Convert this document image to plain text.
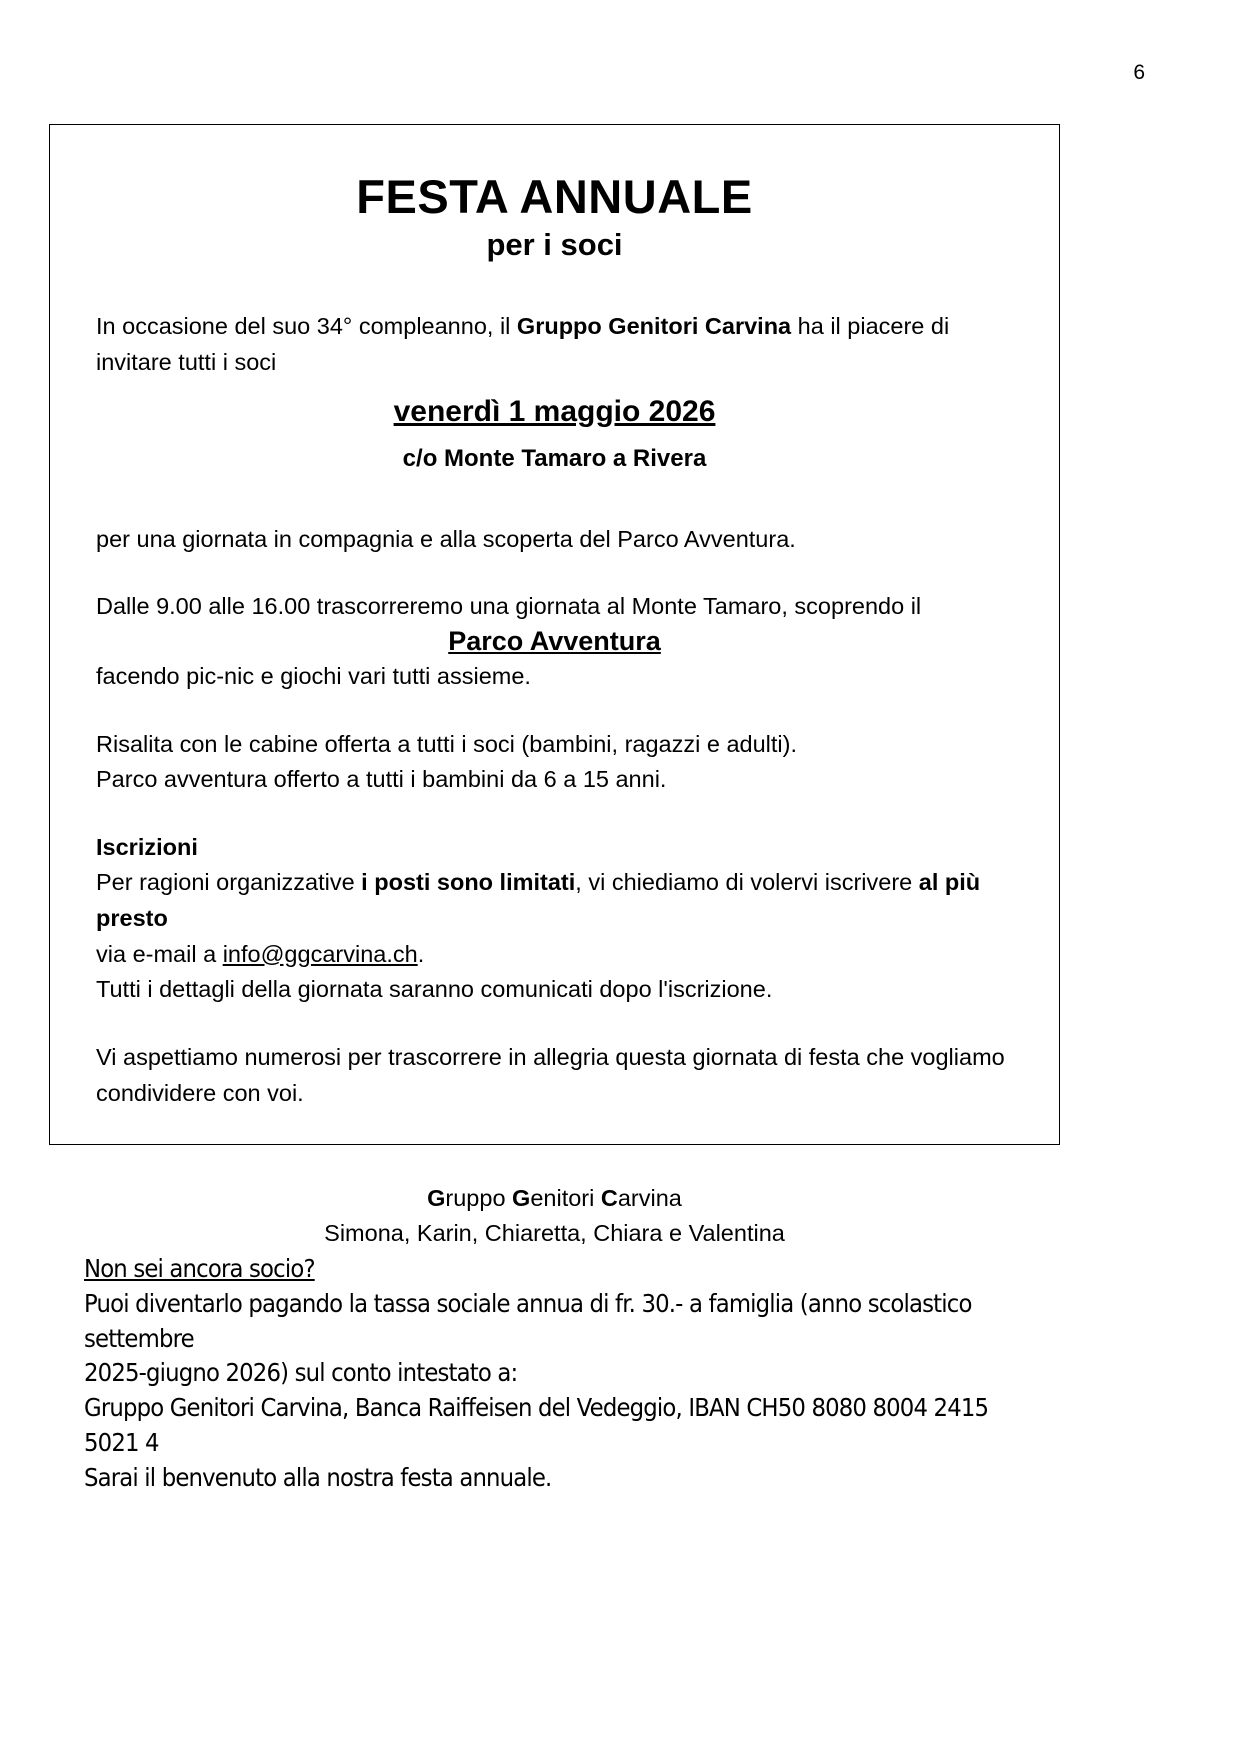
6
FESTA ANNUALE
per i soci

In occasione del suo 34° compleanno, il Gruppo Genitori Carvina ha il piacere di invitare tutti i soci

venerdì 1 maggio 2026
c/o Monte Tamaro a Rivera

per una giornata in compagnia e alla scoperta del Parco Avventura.

Dalle 9.00 alle 16.00 trascorreremo una giornata al Monte Tamaro, scoprendo il

Parco Avventura

facendo pic-nic e giochi vari tutti assieme.

Risalita con le cabine offerta a tutti i soci (bambini, ragazzi e adulti).

Parco avventura offerto a tutti i bambini da 6 a 15 anni.

Iscrizioni

Per ragioni organizzative i posti sono limitati, vi chiediamo di volervi iscrivere al più presto

via e-mail a info@ggcarvina.ch.

Tutti i dettagli della giornata saranno comunicati dopo l'iscrizione.

Vi aspettiamo numerosi per trascorrere in allegria questa giornata di festa che vogliamo

condividere con voi.

Gruppo Genitori Carvina

Simona, Karin, Chiaretta, Chiara e Valentina

Non sei ancora socio?

Puoi diventarlo pagando la tassa sociale annua di fr. 30.- a famiglia (anno scolastico settembre

2025-giugno 2026) sul conto intestato a:

Gruppo Genitori Carvina, Banca Raiffeisen del Vedeggio, IBAN CH50 8080 8004 2415 5021 4

Sarai il benvenuto alla nostra festa annuale.
